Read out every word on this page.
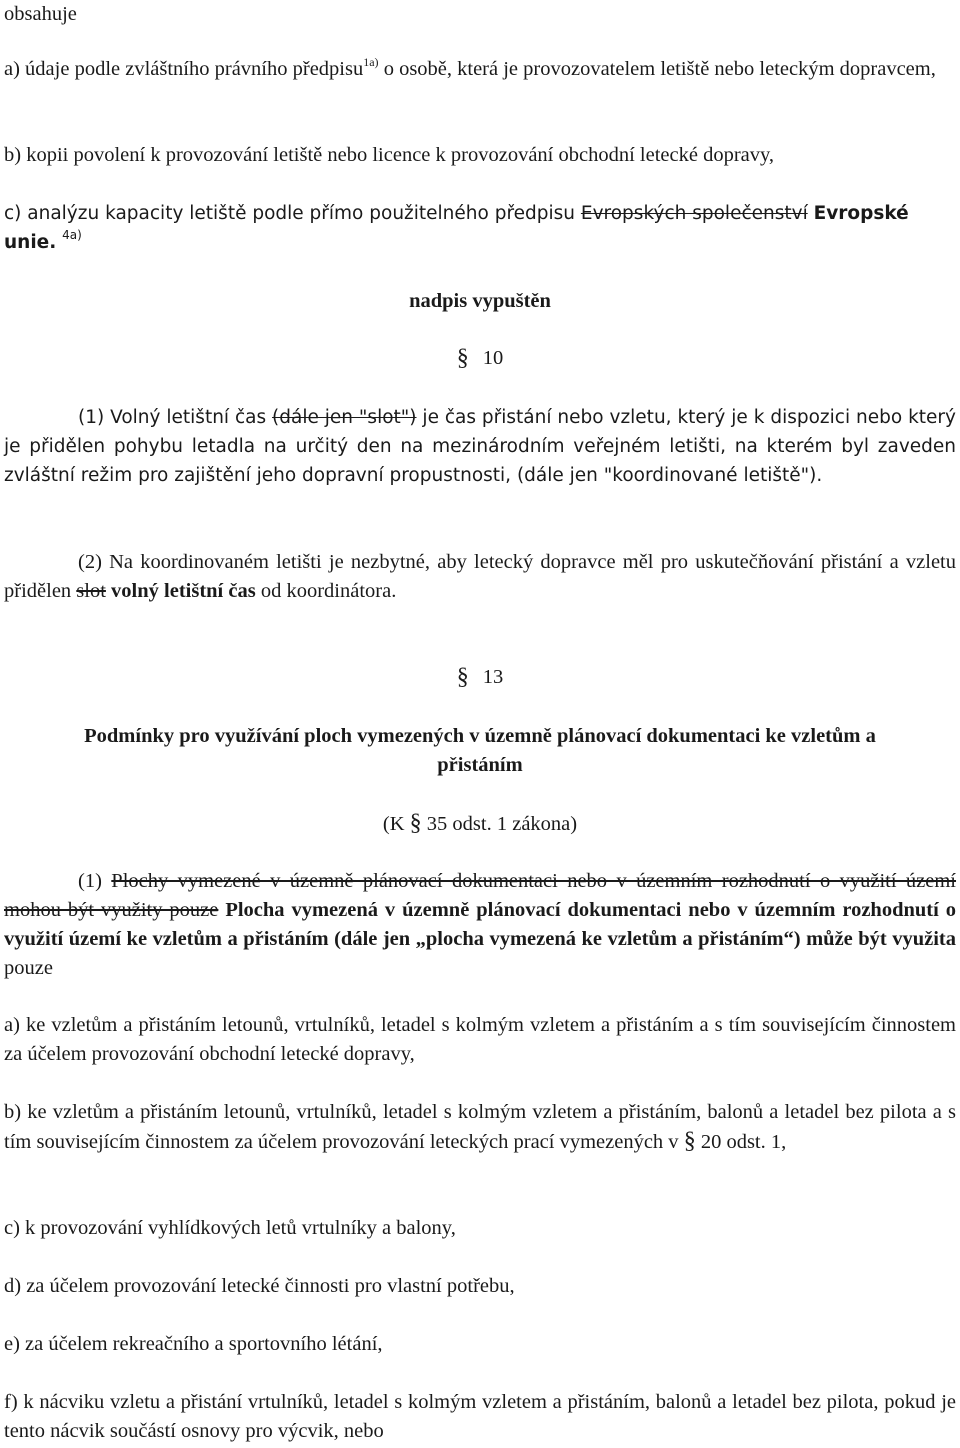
obsahuje

a) údaje podle zvláštního právního předpisu$^{1a)}$ o osobě, která je provozovatelem letiště nebo leteckým dopravcem,

b) kopii povolení k provozování letiště nebo licence k provozování obchodní letecké dopravy,

c) analýzu kapacity letiště podle přímo použitelného předpisu Evropských společenství Evropské unie. $^{4a)}$

nadpis vypuštěn

§ 10

(1) Volný letištní čas (dále jen "slot") je čas přistání nebo vzletu, který je k dispozici nebo který je přidělen pohybu letadla na určitý den na mezinárodním veřejném letišti, na kterém byl zaveden zvláštní režim pro zajištění jeho dopravní propustnosti, (dále jen "koordinované letiště").

(2) Na koordinovaném letišti je nezbytné, aby letecký dopravce měl pro uskutečňování přistání a vzletu přidělen slot volný letištní čas od koordinátora.

§ 13

Podmínky pro využívání ploch vymezených v územně plánovací dokumentaci ke vzletům a přistáním

(K § 35 odst. 1 zákona)

(1) Plochy vymezené v územně plánovací dokumentaci nebo v územním rozhodnutí o využití území mohou být využity pouze Plocha vymezená v územně plánovací dokumentaci nebo v územním rozhodnutí o využití území ke vzletům a přistáním (dále jen „plocha vymezená ke vzletům a přistáním“) může být využita pouze

a) ke vzletům a přistáním letounů, vrtulníků, letadel s kolmým vzletem a přistáním a s tím souvisejícím činnostem za účelem provozování obchodní letecké dopravy,

b) ke vzletům a přistáním letounů, vrtulníků, letadel s kolmým vzletem a přistáním, balonů a letadel bez pilota a s tím souvisejícím činnostem za účelem provozování leteckých prací vymezených v § 20 odst. 1,

c) k provozování vyhlídkových letů vrtulníky a balony,

d) za účelem provozování letecké činnosti pro vlastní potřebu,

e) za účelem rekreačního a sportovního létání,

f) k nácviku vzletu a přistání vrtulníků, letadel s kolmým vzletem a přistáním, balonů a letadel bez pilota, pokud je tento nácvik součástí osnovy pro výcvik, nebo
